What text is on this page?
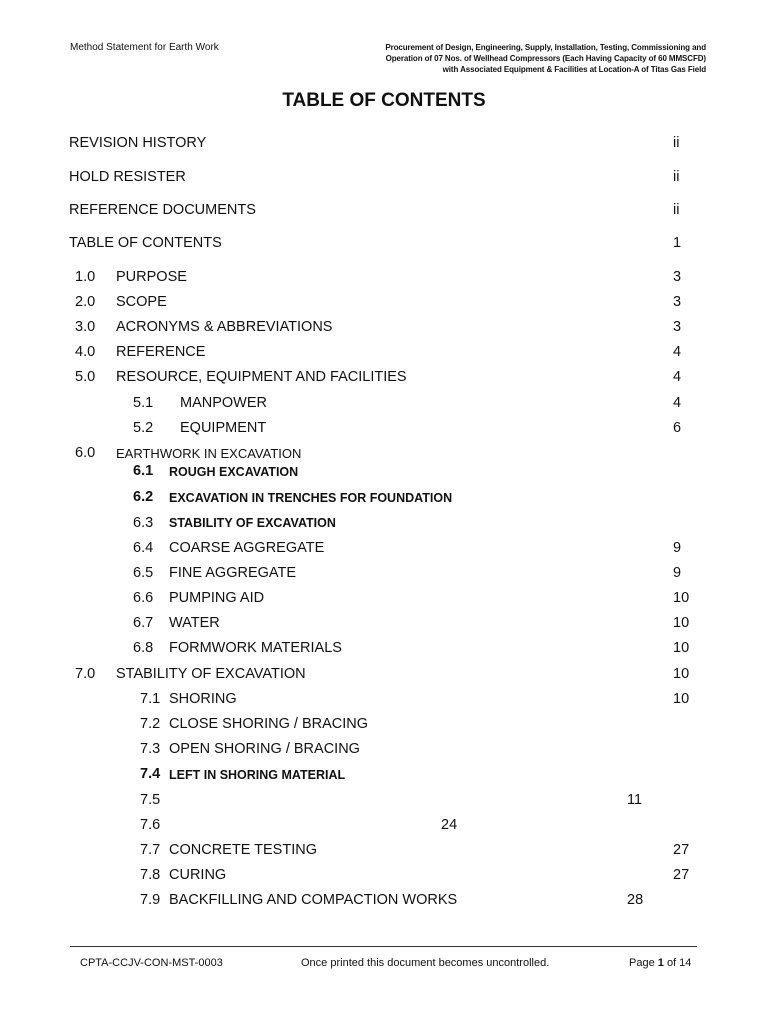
Method Statement for Earth Work	Procurement of Design, Engineering, Supply, Installation, Testing, Commissioning and
Operation of 07 Nos. of Wellhead Compressors (Each Having Capacity of 60 MMSCFD)
with Associated Equipment & Facilities at Location-A of Titas Gas Field
TABLE OF CONTENTS
REVISION HISTORY	ii
HOLD RESISTER	ii
REFERENCE DOCUMENTS	ii
TABLE OF CONTENTS	1
1.0 PURPOSE	3
2.0 SCOPE	3
3.0 ACRONYMS & ABBREVIATIONS	3
4.0 REFERENCE	4
5.0 RESOURCE, EQUIPMENT AND FACILITIES	4
5.1 MANPOWER	4
5.2 EQUIPMENT	6
6.0 EARTHWORK IN EXCAVATION
6.1 ROUGH EXCAVATION
6.2 EXCAVATION IN TRENCHES FOR FOUNDATION
6.3 STABILITY OF EXCAVATION
6.4 COARSE AGGREGATE	9
6.5 FINE AGGREGATE	9
6.6 PUMPING AID	10
6.7 WATER	10
6.8 FORMWORK MATERIALS	10
7.0 STABILITY OF EXCAVATION	10
7.1 SHORING	10
7.2 CLOSE SHORING / BRACING
7.3 OPEN SHORING / BRACING
7.4 LEFT IN SHORING MATERIAL
7.5	11
7.6	24
7.7 CONCRETE TESTING	27
7.8 CURING	27
7.9 BACKFILLING AND COMPACTION WORKS	28
CPTA-CCJV-CON-MST-0003	Once printed this document becomes uncontrolled.	Page 1 of 14
